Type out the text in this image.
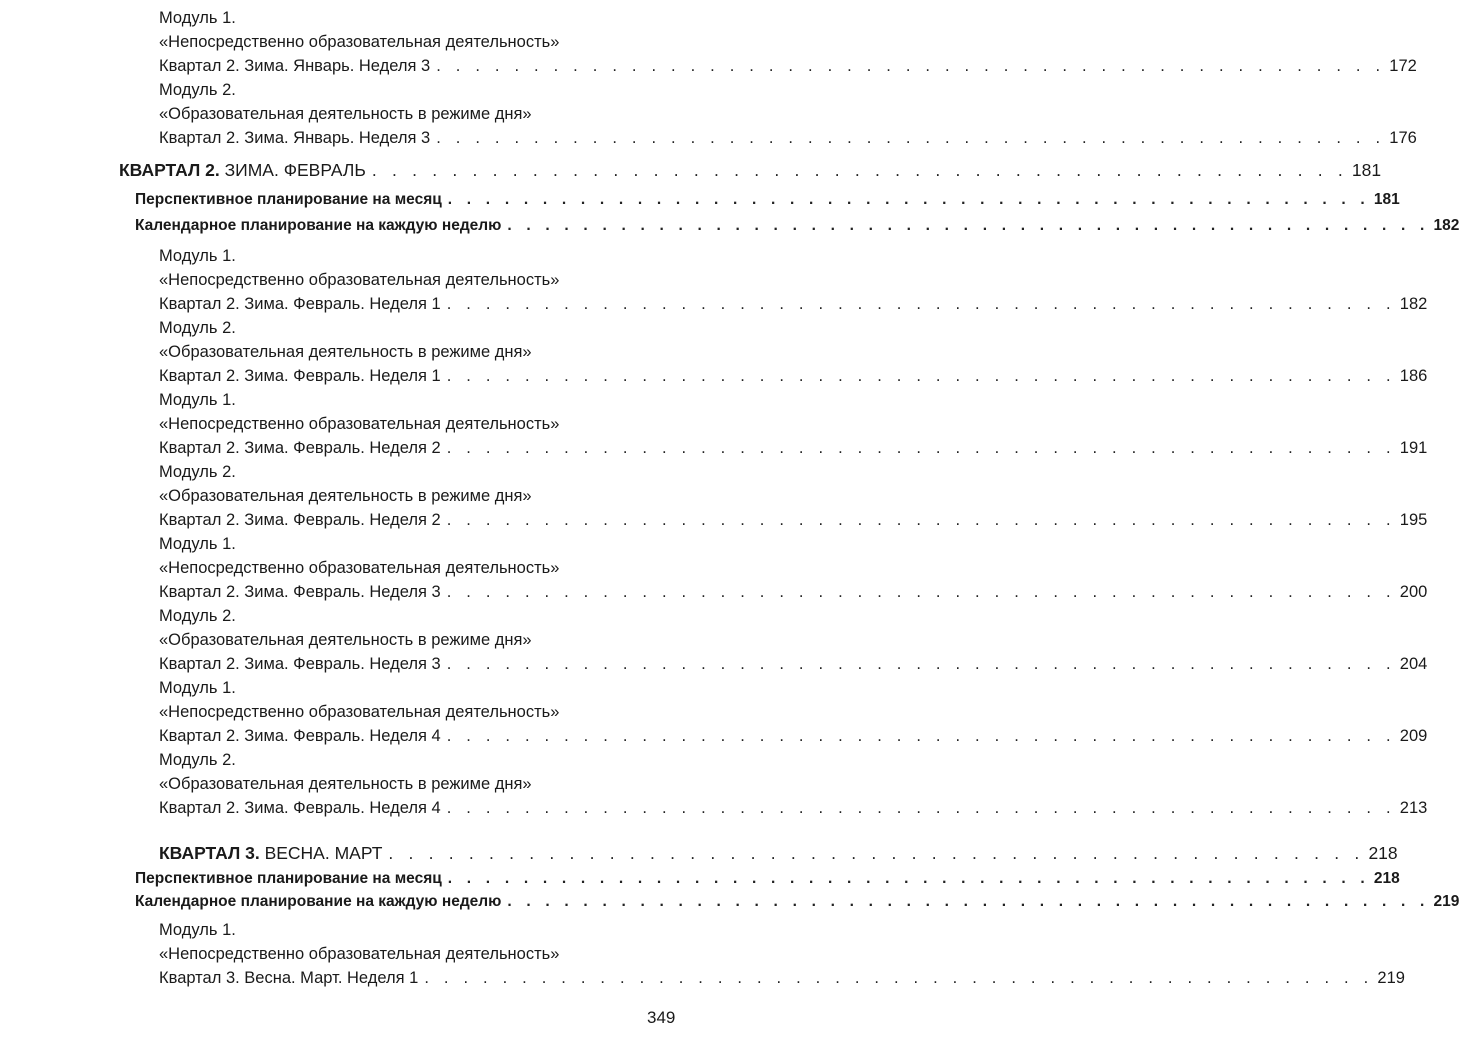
Модуль 1.
«Непосредственно образовательная деятельность»
Квартал 2. Зима. Январь. Неделя 3 . . . . . . . . . . . . . . . . . . . . . . . . . . . . . . . . . . . . . . . . . . . . . . . . . 172
Модуль 2.
«Образовательная деятельность в режиме дня»
Квартал 2. Зима. Январь. Неделя 3 . . . . . . . . . . . . . . . . . . . . . . . . . . . . . . . . . . . . . . . . . . . . . . . . . 176
КВАРТАЛ 2. ЗИМА. ФЕВРАЛЬ . . . . . . . . . . . . . . . . . . . . . . . . . . . . . . . . . . . . . . . . . . . . . . . . . 181
Перспективное планирование на месяц . . . . . . . . . . . . . . . . . . . . . . . . . . . . . . . . . . . . . . . . . . . . . . . . . 181
Календарное планирование на каждую неделю . . . . . . . . . . . . . . . . . . . . . . . . . . . . . . . . . . . . . . . . . . . . . . . . . 182
Модуль 1.
«Непосредственно образовательная деятельность»
Квартал 2. Зима. Февраль. Неделя 1 . . . . . . . . . . . . . . . . . . . . . . . . . . . . . . . . . . . . . . . . . . . . . . . . . 182
Модуль 2.
«Образовательная деятельность в режиме дня»
Квартал 2. Зима. Февраль. Неделя 1 . . . . . . . . . . . . . . . . . . . . . . . . . . . . . . . . . . . . . . . . . . . . . . . . . 186
Модуль 1.
«Непосредственно образовательная деятельность»
Квартал 2. Зима. Февраль. Неделя 2 . . . . . . . . . . . . . . . . . . . . . . . . . . . . . . . . . . . . . . . . . . . . . . . . . 191
Модуль 2.
«Образовательная деятельность в режиме дня»
Квартал 2. Зима. Февраль. Неделя 2 . . . . . . . . . . . . . . . . . . . . . . . . . . . . . . . . . . . . . . . . . . . . . . . . . 195
Модуль 1.
«Непосредственно образовательная деятельность»
Квартал 2. Зима. Февраль. Неделя 3 . . . . . . . . . . . . . . . . . . . . . . . . . . . . . . . . . . . . . . . . . . . . . . . . . 200
Модуль 2.
«Образовательная деятельность в режиме дня»
Квартал 2. Зима. Февраль. Неделя 3 . . . . . . . . . . . . . . . . . . . . . . . . . . . . . . . . . . . . . . . . . . . . . . . . . 204
Модуль 1.
«Непосредственно образовательная деятельность»
Квартал 2. Зима. Февраль. Неделя 4 . . . . . . . . . . . . . . . . . . . . . . . . . . . . . . . . . . . . . . . . . . . . . . . . . 209
Модуль 2.
«Образовательная деятельность в режиме дня»
Квартал 2. Зима. Февраль. Неделя 4 . . . . . . . . . . . . . . . . . . . . . . . . . . . . . . . . . . . . . . . . . . . . . . . . . 213
КВАРТАЛ 3. ВЕСНА. МАРТ . . . . . . . . . . . . . . . . . . . . . . . . . . . . . . . . . . . . . . . . . . . . . . . . . 218
Перспективное планирование на месяц . . . . . . . . . . . . . . . . . . . . . . . . . . . . . . . . . . . . . . . . . . . . . . . . . 218
Календарное планирование на каждую неделю . . . . . . . . . . . . . . . . . . . . . . . . . . . . . . . . . . . . . . . . . . . . . . . . . 219
Модуль 1.
«Непосредственно образовательная деятельность»
Квартал 3. Весна. Март. Неделя 1 . . . . . . . . . . . . . . . . . . . . . . . . . . . . . . . . . . . . . . . . . . . . . . . . . 219
349
